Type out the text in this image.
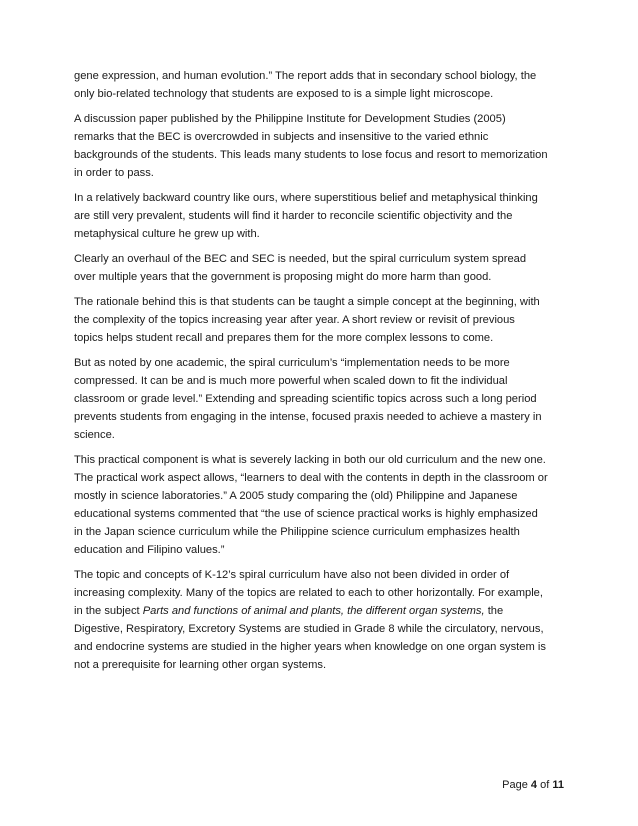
gene expression, and human evolution.” The report adds that in secondary school biology, the
only bio-related technology that students are exposed to is a simple light microscope.

A discussion paper published by the Philippine Institute for Development Studies (2005)
remarks that the BEC is overcrowded in subjects and insensitive to the varied ethnic
backgrounds of the students. This leads many students to lose focus and resort to memorization
in order to pass.

In a relatively backward country like ours, where superstitious belief and metaphysical thinking
are still very prevalent, students will find it harder to reconcile scientific objectivity and the
metaphysical culture he grew up with.

Clearly an overhaul of the BEC and SEC is needed, but the spiral curriculum system spread
over multiple years that the government is proposing might do more harm than good.

The rationale behind this is that students can be taught a simple concept at the beginning, with
the complexity of the topics increasing year after year. A short review or revisit of previous
topics helps student recall and prepares them for the more complex lessons to come.

But as noted by one academic, the spiral curriculum’s “implementation needs to be more
compressed. It can be and is much more powerful when scaled down to fit the individual
classroom or grade level.” Extending and spreading scientific topics across such a long period
prevents students from engaging in the intense, focused praxis needed to achieve a mastery in
science.

This practical component is what is severely lacking in both our old curriculum and the new one.
The practical work aspect allows, “learners to deal with the contents in depth in the classroom or
mostly in science laboratories.” A 2005 study comparing the (old) Philippine and Japanese
educational systems commented that “the use of science practical works is highly emphasized
in the Japan science curriculum while the Philippine science curriculum emphasizes health
education and Filipino values.”

The topic and concepts of K-12’s spiral curriculum have also not been divided in order of
increasing complexity. Many of the topics are related to each to other horizontally. For example,
in the subject Parts and functions of animal and plants, the different organ systems, the
Digestive, Respiratory, Excretory Systems are studied in Grade 8 while the circulatory, nervous,
and endocrine systems are studied in the higher years when knowledge on one organ system is
not a prerequisite for learning other organ systems.

Page 4 of 11
